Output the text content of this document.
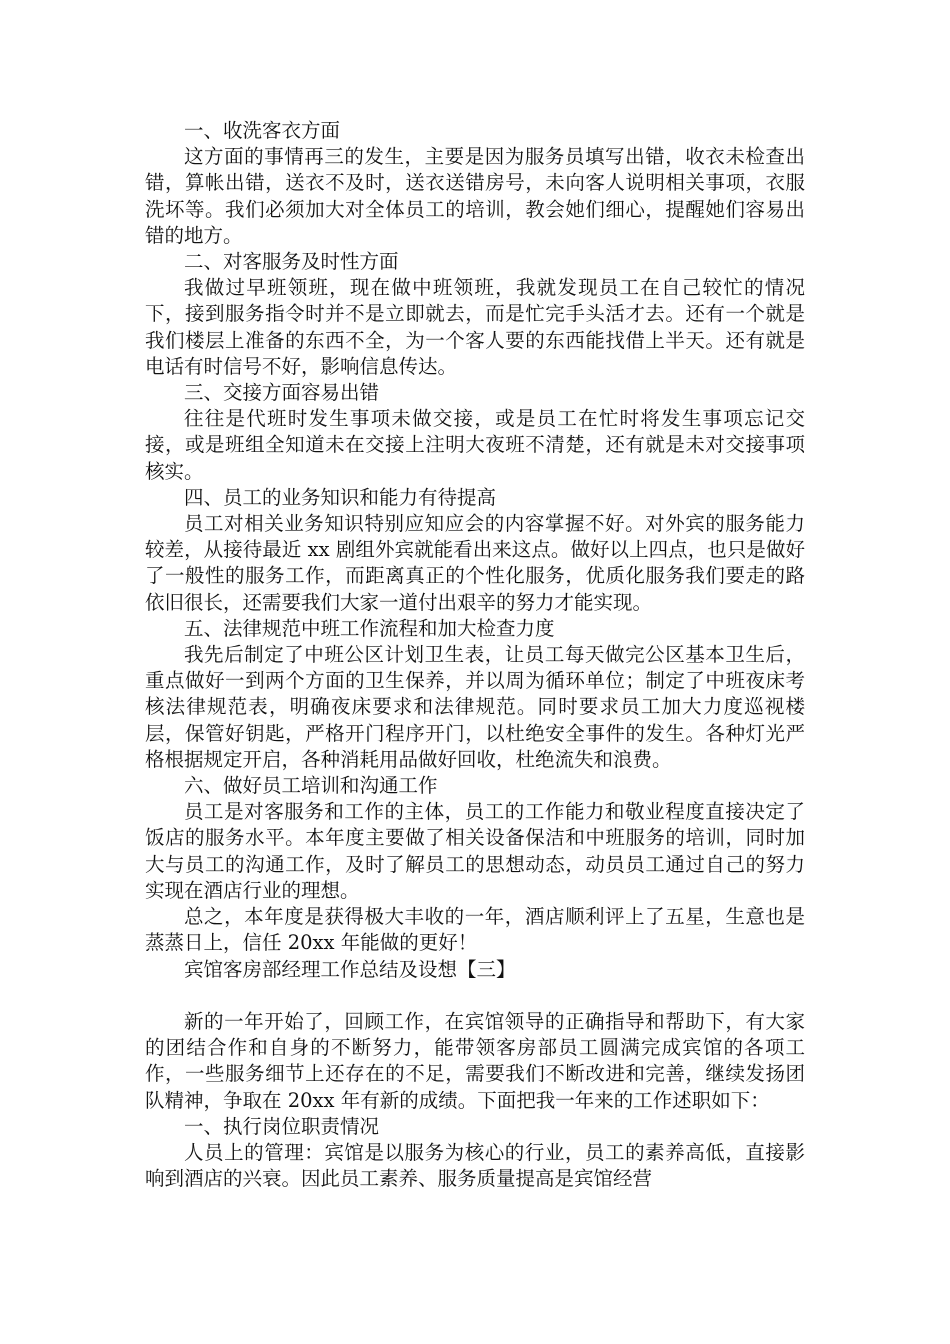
一、收洗客衣方面

这方面的事情再三的发生，主要是因为服务员填写出错，收衣未检查出错，算帐出错，送衣不及时，送衣送错房号，未向客人说明相关事项，衣服洗坏等。我们必须加大对全体员工的培训，教会她们细心，提醒她们容易出错的地方。

二、对客服务及时性方面

我做过早班领班，现在做中班领班，我就发现员工在自己较忙的情况下，接到服务指令时并不是立即就去，而是忙完手头活才去。还有一个就是我们楼层上准备的东西不全，为一个客人要的东西能找借上半天。还有就是电话有时信号不好，影响信息传达。

三、交接方面容易出错

往往是代班时发生事项未做交接，或是员工在忙时将发生事项忘记交接，或是班组全知道未在交接上注明大夜班不清楚，还有就是未对交接事项核实。

四、员工的业务知识和能力有待提高

员工对相关业务知识特别应知应会的内容掌握不好。对外宾的服务能力较差，从接待最近 xx 剧组外宾就能看出来这点。做好以上四点，也只是做好了一般性的服务工作，而距离真正的个性化服务，优质化服务我们要走的路依旧很长，还需要我们大家一道付出艰辛的努力才能实现。

五、法律规范中班工作流程和加大检查力度

我先后制定了中班公区计划卫生表，让员工每天做完公区基本卫生后，重点做好一到两个方面的卫生保养，并以周为循环单位；制定了中班夜床考核法律规范表，明确夜床要求和法律规范。同时要求员工加大力度巡视楼层，保管好钥匙，严格开门程序开门，以杜绝安全事件的发生。各种灯光严格根据规定开启，各种消耗用品做好回收，杜绝流失和浪费。

六、做好员工培训和沟通工作

员工是对客服务和工作的主体，员工的工作能力和敬业程度直接决定了饭店的服务水平。本年度主要做了相关设备保洁和中班服务的培训，同时加大与员工的沟通工作，及时了解员工的思想动态，动员员工通过自己的努力实现在酒店行业的理想。

总之，本年度是获得极大丰收的一年，酒店顺利评上了五星，生意也是蒸蒸日上，信任 20xx 年能做的更好！

宾馆客房部经理工作总结及设想【三】

新的一年开始了，回顾工作，在宾馆领导的正确指导和帮助下，有大家的团结合作和自身的不断努力，能带领客房部员工圆满完成宾馆的各项工作，一些服务细节上还存在的不足，需要我们不断改进和完善，继续发扬团队精神，争取在 20xx 年有新的成绩。下面把我一年来的工作述职如下：

一、执行岗位职责情况

人员上的管理：宾馆是以服务为核心的行业，员工的素养高低，直接影响到酒店的兴衰。因此员工素养、服务质量提高是宾馆经营
